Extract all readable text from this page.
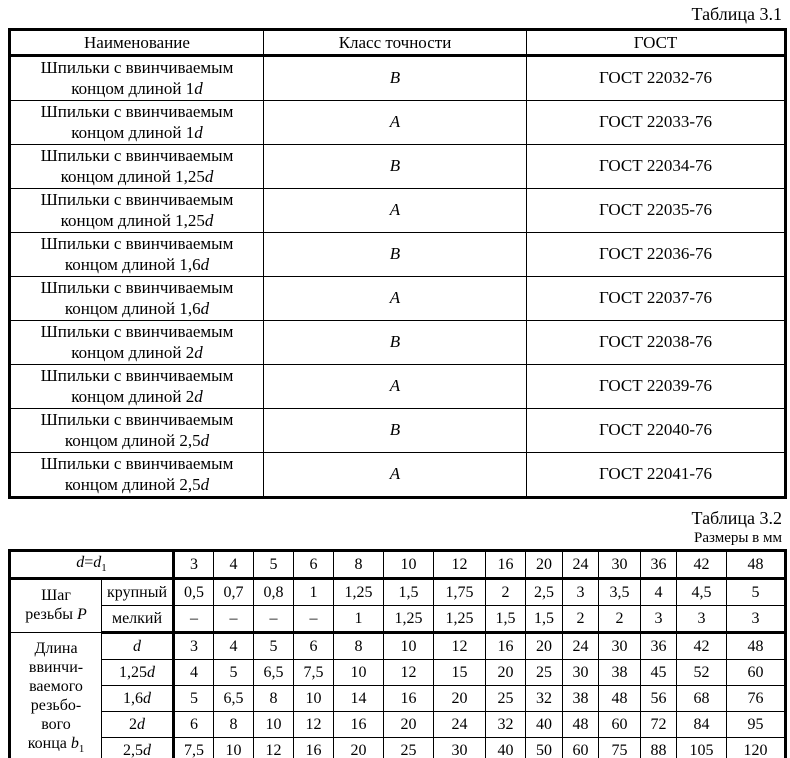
Таблица 3.1
Наименование	Класс точности	ГОСТ
Шпильки с ввинчиваемым
концом длиной 1d	В	ГОСТ 22032-76
Шпильки с ввинчиваемым
концом длиной 1d	А	ГОСТ 22033-76
Шпильки с ввинчиваемым
концом длиной 1,25d	В	ГОСТ 22034-76
Шпильки с ввинчиваемым
концом длиной 1,25d	А	ГОСТ 22035-76
Шпильки с ввинчиваемым
концом длиной 1,6d	В	ГОСТ 22036-76
Шпильки с ввинчиваемым
концом длиной 1,6d	А	ГОСТ 22037-76
Шпильки с ввинчиваемым
концом длиной 2d	В	ГОСТ 22038-76
Шпильки с ввинчиваемым
концом длиной 2d	А	ГОСТ 22039-76
Шпильки с ввинчиваемым
концом длиной 2,5d	В	ГОСТ 22040-76
Шпильки с ввинчиваемым
концом длиной 2,5d	А	ГОСТ 22041-76
Таблица 3.2
Размеры в мм
$d=d_1$		3	4	5	6	8	10	12	16	20	24	30	36	42	48
Шаг
резьбы P	крупный	0,5	0,7	0,8	1	1,25	1,5	1,75	2	2,5	3	3,5	4	4,5	5
	мелкий	–	–	–	–	1	1,25	1,25	1,5	1,5	2	2	3	3	3
Длина
ввинчи-
ваемого
резьбо-
вого
конца $b_1$	d	3	4	5	6	8	10	12	16	20	24	30	36	42	48
	1,25d	4	5	6,5	7,5	10	12	15	20	25	30	38	45	52	60
	1,6d	5	6,5	8	10	14	16	20	25	32	38	48	56	68	76
	2d	6	8	10	12	16	20	24	32	40	48	60	72	84	95
	2,5d	7,5	10	12	16	20	25	30	40	50	60	75	88	105	120
